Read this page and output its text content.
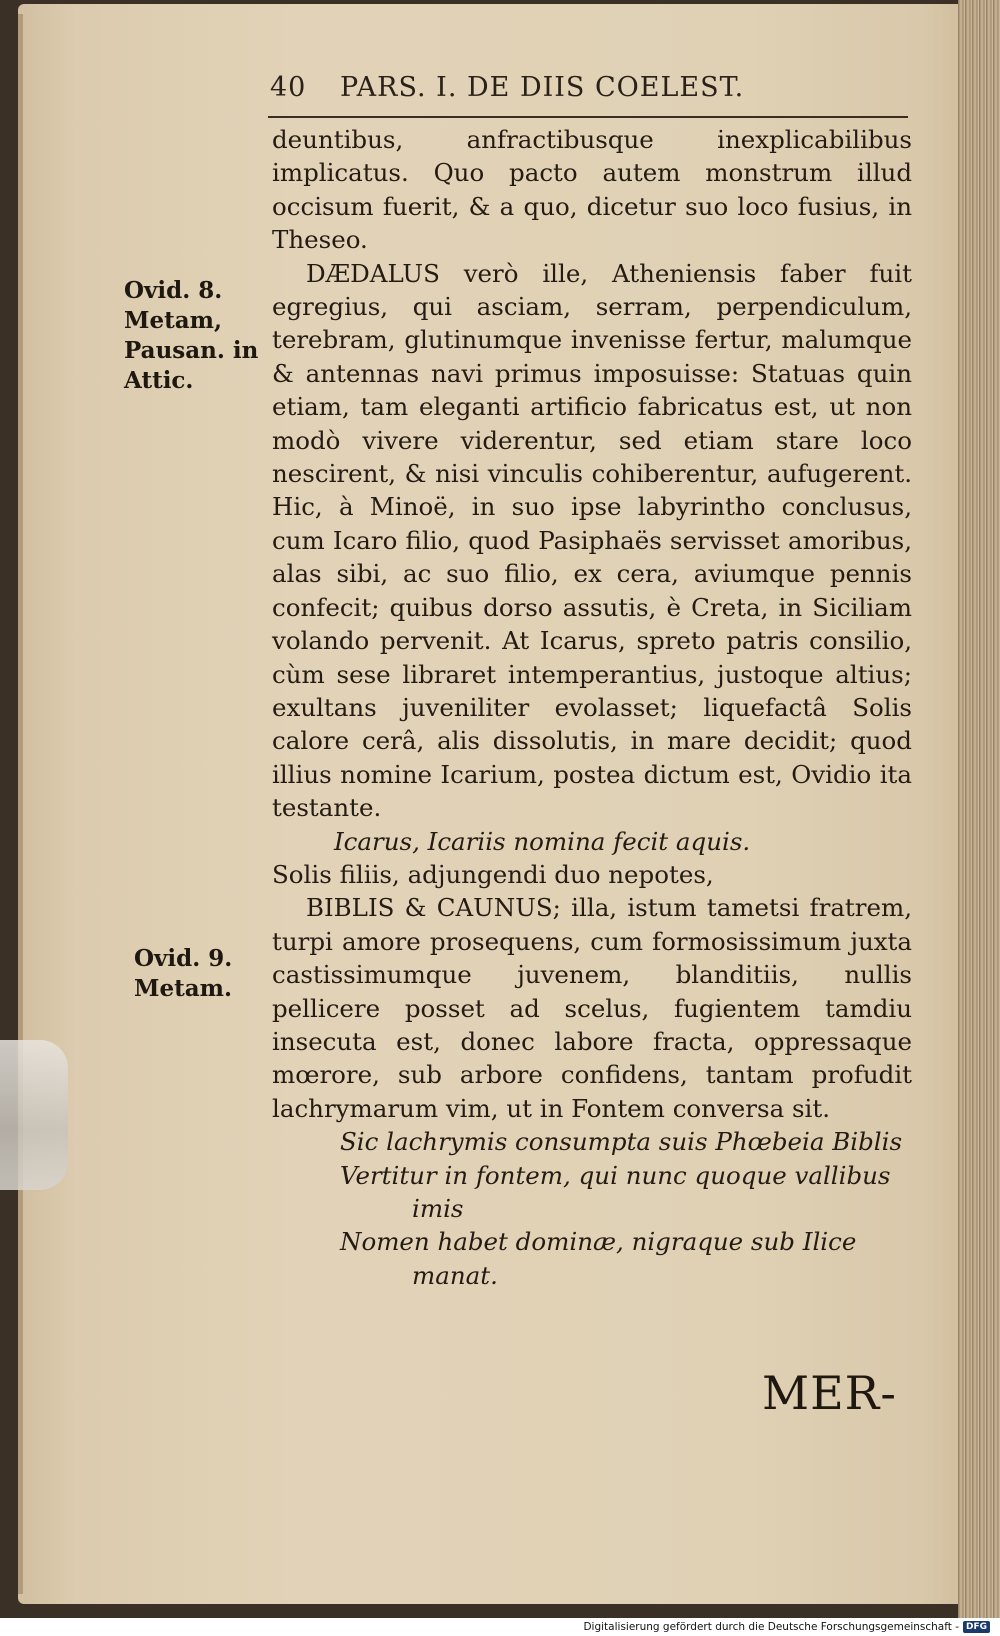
40 PARS. I. DE DIIS COELEST.
Ovid. 8.
Metam,
Pausan. in
Attic.
Ovid. 9.
Metam.

deuntibus, anfractibusque inexplicabilibus implicatus. Quo pacto autem monstrum illud occisum fuerit, & a quo, dicetur suo loco fusius, in Theseo.

DÆDALUS verò ille, Atheniensis faber fuit egregius, qui asciam, serram, perpendiculum, terebram, glutinumque invenisse fertur, malumque & antennas navi primus imposuisse: Statuas quin etiam, tam eleganti artificio fabricatus est, ut non modò vivere viderentur, sed etiam stare loco nescirent, & nisi vinculis cohiberentur, aufugerent. Hic, à Minoë, in suo ipse labyrintho conclusus, cum Icaro filio, quod Pasiphaës servisset amoribus, alas sibi, ac suo filio, ex cera, aviumque pennis confecit; quibus dorso assutis, è Creta, in Siciliam volando pervenit. At Icarus, spreto patris consilio, cùm sese libraret intemperantius, justoque altius; exultans juveniliter evolasset; liquefactâ Solis calore cerâ, alis dissolutis, in mare decidit; quod illius nomine Icarium, postea dictum est, Ovidio ita testante.

Icarus, Icariis nomina fecit aquis.

Solis filiis, adjungendi duo nepotes,

BIBLIS & CAUNUS; illa, istum tametsi fratrem, turpi amore prosequens, cum formosissimum juxta castissimumque juvenem, blanditiis, nullis pellicere posset ad scelus, fugientem tamdiu insecuta est, donec labore fracta, oppressaque mœrore, sub arbore confidens, tantam profudit lachrymarum vim, ut in Fontem conversa sit.

Sic lachrymis consumpta suis Phœbeia Biblis

Vertitur in fontem, qui nunc quoque vallibus

imis

Nomen habet dominæ, nigraque sub Ilice

manat.

MER-
Digitalisierung gefördert durch die Deutsche Forschungsgemeinschaft - DFG
